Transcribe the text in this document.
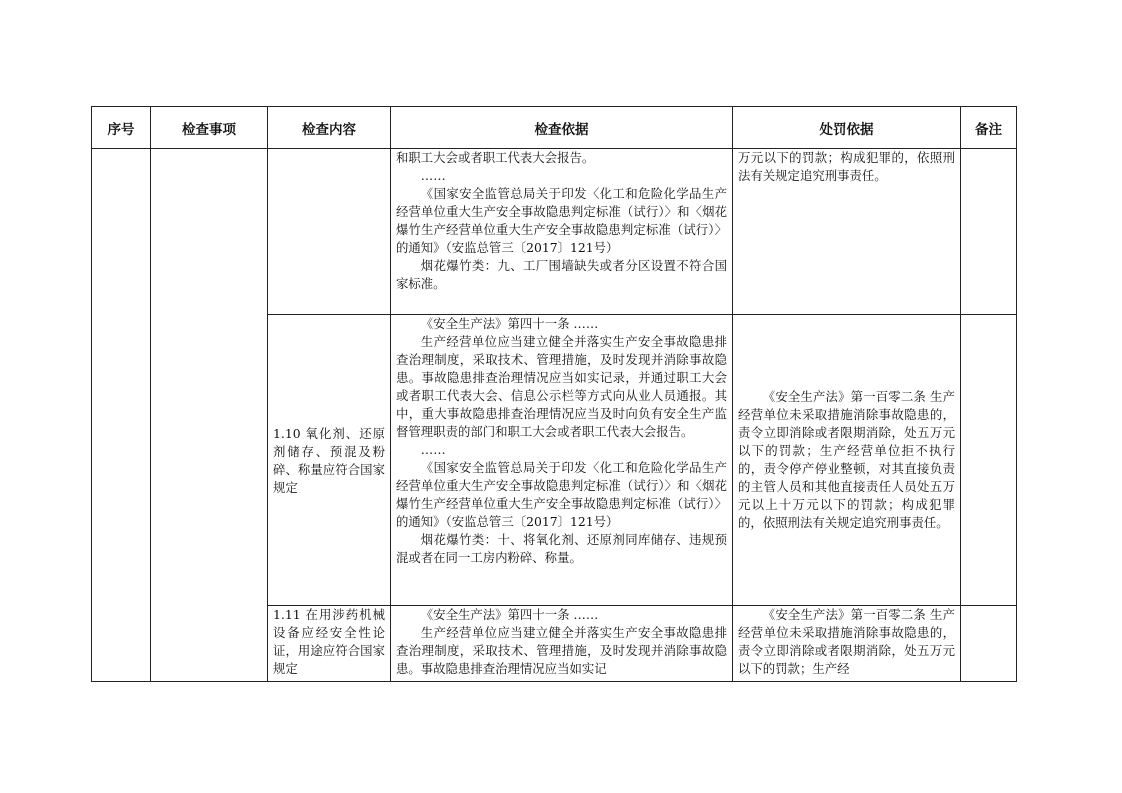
序号	检查事项	检查内容	检查依据	处罚依据	备注

			和职工大会或者职工代表大会报告。

……

《国家安全监管总局关于印发〈化工和危险化学品生产经营单位重大生产安全事故隐患判定标准（试行）〉和〈烟花爆竹生产经营单位重大生产安全事故隐患判定标准（试行）〉的通知》（安监总管三〔2017〕121号）

烟花爆竹类：九、工厂围墙缺失或者分区设置不符合国家标准。	万元以下的罚款；构成犯罪的，依照刑法有关规定追究刑事责任。	

		1.10 氧化剂、还原剂储存、预混及粉碎、称量应符合国家规定	《安全生产法》第四十一条 ……

生产经营单位应当建立健全并落实生产安全事故隐患排查治理制度，采取技术、管理措施，及时发现并消除事故隐患。事故隐患排查治理情况应当如实记录，并通过职工大会或者职工代表大会、信息公示栏等方式向从业人员通报。其中，重大事故隐患排查治理情况应当及时向负有安全生产监督管理职责的部门和职工大会或者职工代表大会报告。

……

《国家安全监管总局关于印发〈化工和危险化学品生产经营单位重大生产安全事故隐患判定标准（试行）〉和〈烟花爆竹生产经营单位重大生产安全事故隐患判定标准（试行）〉的通知》（安监总管三〔2017〕121号）

烟花爆竹类：十、将氧化剂、还原剂同库储存、违规预混或者在同一工房内粉碎、称量。	《安全生产法》第一百零二条 生产经营单位未采取措施消除事故隐患的，责令立即消除或者限期消除，处五万元以下的罚款；生产经营单位拒不执行的，责令停产停业整顿，对其直接负责的主管人员和其他直接责任人员处五万元以上十万元以下的罚款；构成犯罪的，依照刑法有关规定追究刑事责任。	

		1.11 在用涉药机械设备应经安全性论证，用途应符合国家规定	《安全生产法》第四十一条 ……

生产经营单位应当建立健全并落实生产安全事故隐患排查治理制度，采取技术、管理措施，及时发现并消除事故隐患。事故隐患排查治理情况应当如实记	《安全生产法》第一百零二条 生产经营单位未采取措施消除事故隐患的，责令立即消除或者限期消除，处五万元以下的罚款；生产经	
